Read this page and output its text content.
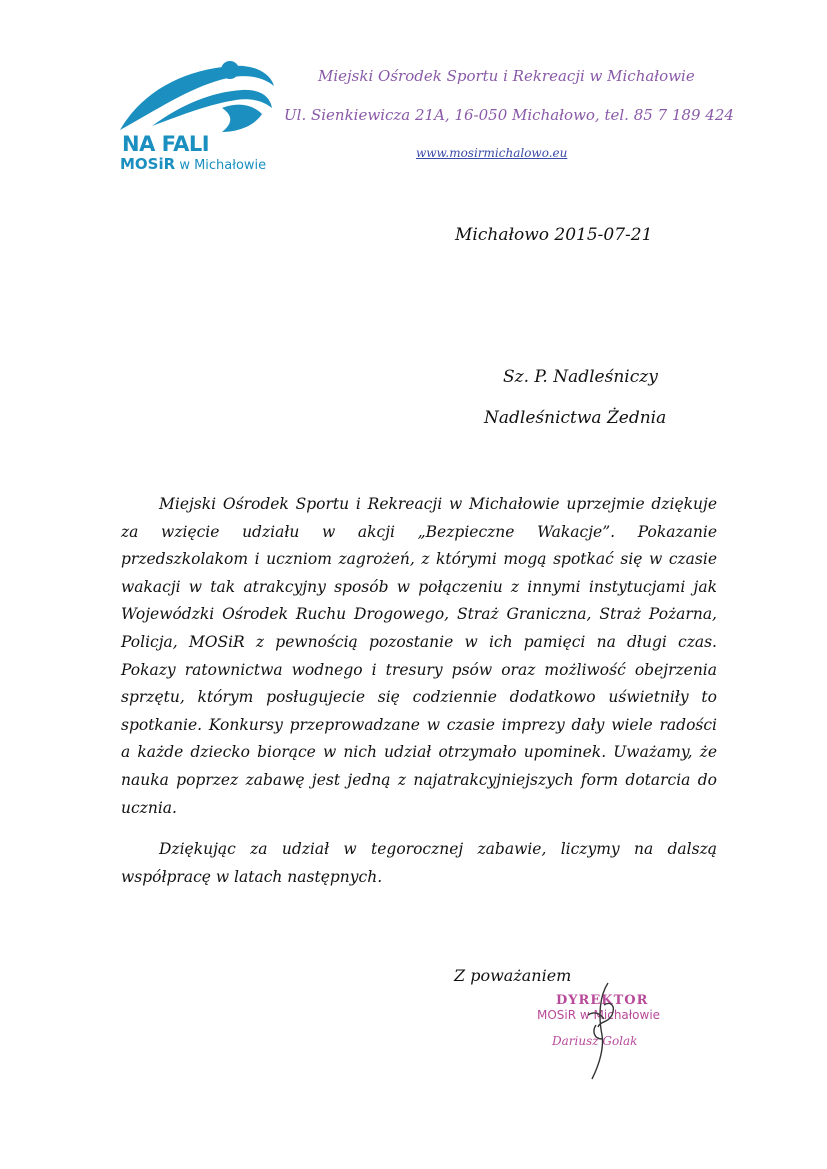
NA FALI
MOSiR w Michałowie
Miejski Ośrodek Sportu i Rekreacji w Michałowie
Ul. Sienkiewicza 21A, 16-050 Michałowo, tel. 85 7 189 424
www.mosirmichalowo.eu
Michałowo 2015-07-21
Sz. P. Nadleśniczy
Nadleśnictwa Żednia
Miejski Ośrodek Sportu i Rekreacji w Michałowie uprzejmie dziękuje
za wzięcie udziału w akcji „Bezpieczne Wakacje”. Pokazanie
przedszkolakom i uczniom zagrożeń, z którymi mogą spotkać się w czasie
wakacji w tak atrakcyjny sposób w połączeniu z innymi instytucjami jak
Wojewódzki Ośrodek Ruchu Drogowego, Straż Graniczna, Straż Pożarna,
Policja, MOSiR z pewnością pozostanie w ich pamięci na długi czas.
Pokazy ratownictwa wodnego i tresury psów oraz możliwość obejrzenia
sprzętu, którym posługujecie się codziennie dodatkowo uświetniły to
spotkanie. Konkursy przeprowadzane w czasie imprezy dały wiele radości
a każde dziecko biorące w nich udział otrzymało upominek. Uważamy, że
nauka poprzez zabawę jest jedną z najatrakcyjniejszych form dotarcia do
ucznia.
Dziękując za udział w tegorocznej zabawie, liczymy na dalszą
współpracę w latach następnych.
Z poważaniem
DYREKTOR
MOSiR w Michałowie
Dariusz Golak
